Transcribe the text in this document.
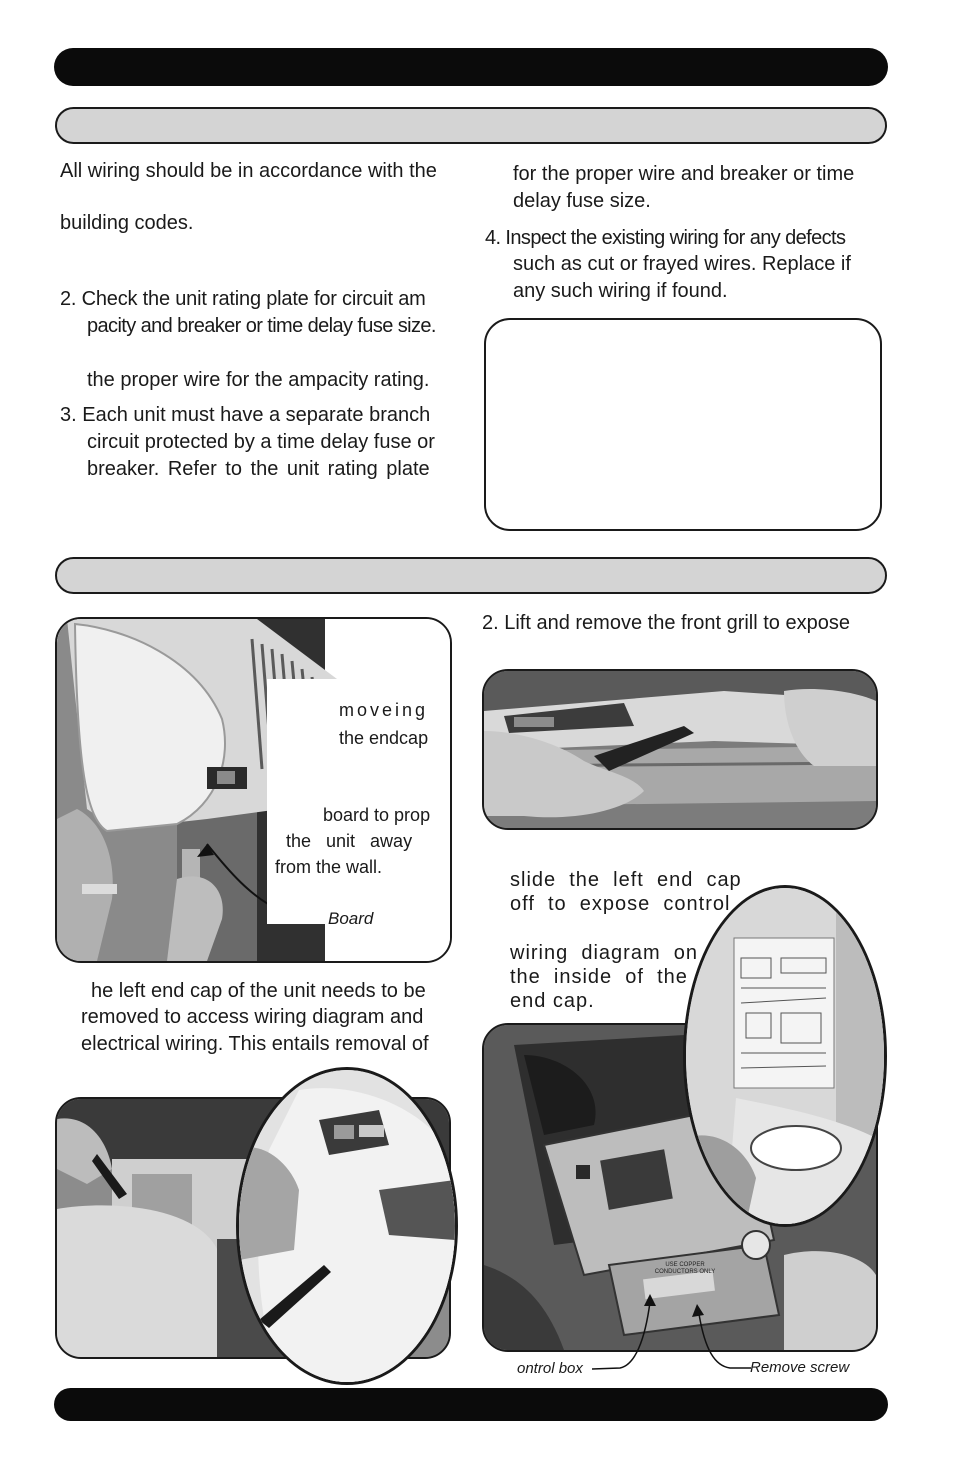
All wiring should be in accordance with the
building codes.
2. Check the unit rating plate for circuit am
pacity and breaker or time delay fuse size.
the proper wire for the ampacity rating.
3. Each unit must have a separate branch
circuit protected by a time delay fuse or
breaker. Refer to the unit rating plate
for the proper wire and breaker or time
delay fuse size.
4. Inspect the existing wiring for any defects
such as cut or frayed wires. Replace if
any such wiring if found.
moveing
the endcap
board to prop
the   unit   away
from the wall.
Board
2. Lift and remove the front grill to expose
he left end cap of the unit needs to be
removed to access wiring diagram and
electrical wiring. This entails removal of
slide  the  left  end  cap
off  to  expose  control
wiring  diagram  on
the  inside  of  the
end cap.
USE COPPER CONDUCTORS ONLY
ontrol box	Remove screw
